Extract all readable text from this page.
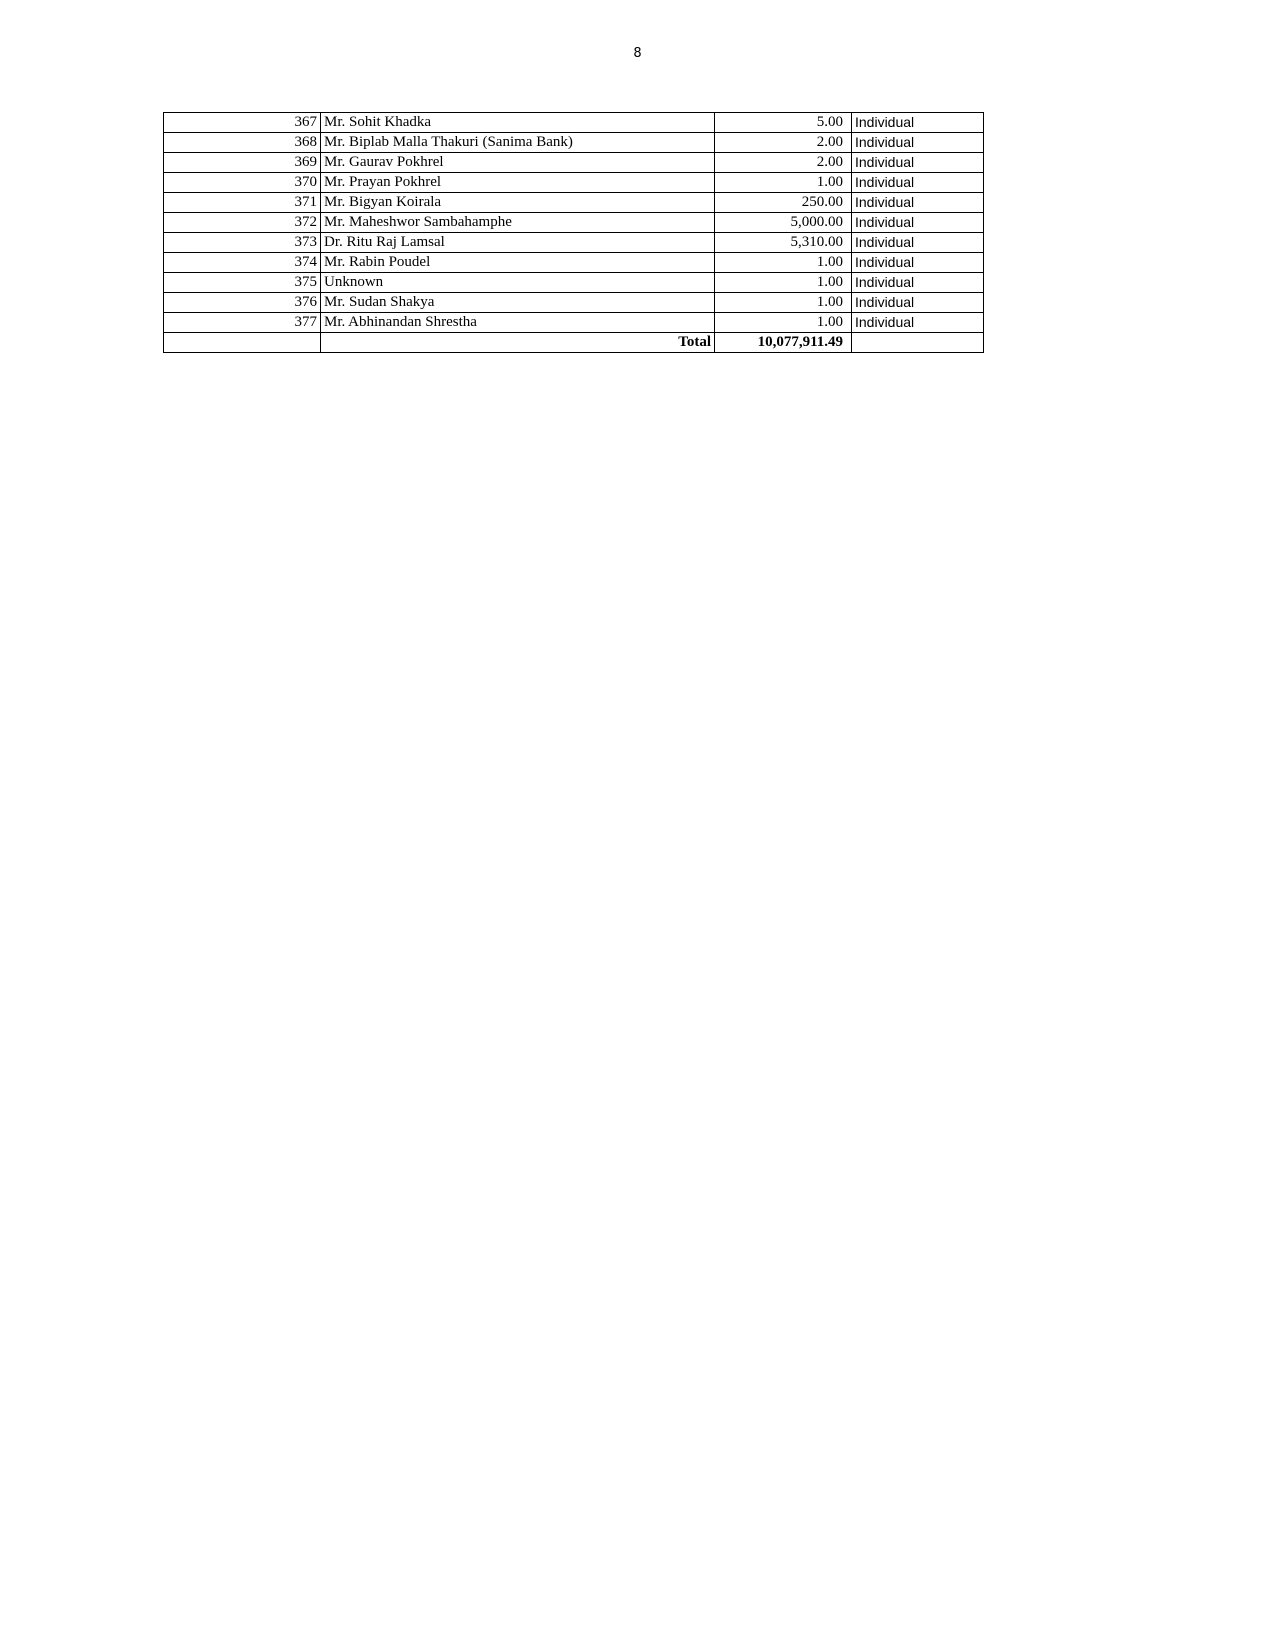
8
367	Mr. Sohit Khadka	5.00	Individual
368	Mr. Biplab Malla Thakuri (Sanima Bank)	2.00	Individual
369	Mr. Gaurav Pokhrel	2.00	Individual
370	Mr. Prayan Pokhrel	1.00	Individual
371	Mr. Bigyan Koirala	250.00	Individual
372	Mr. Maheshwor Sambahamphe	5,000.00	Individual
373	Dr. Ritu Raj Lamsal	5,310.00	Individual
374	Mr. Rabin Poudel	1.00	Individual
375	Unknown	1.00	Individual
376	Mr. Sudan Shakya	1.00	Individual
377	Mr. Abhinandan Shrestha	1.00	Individual
	Total	10,077,911.49	
